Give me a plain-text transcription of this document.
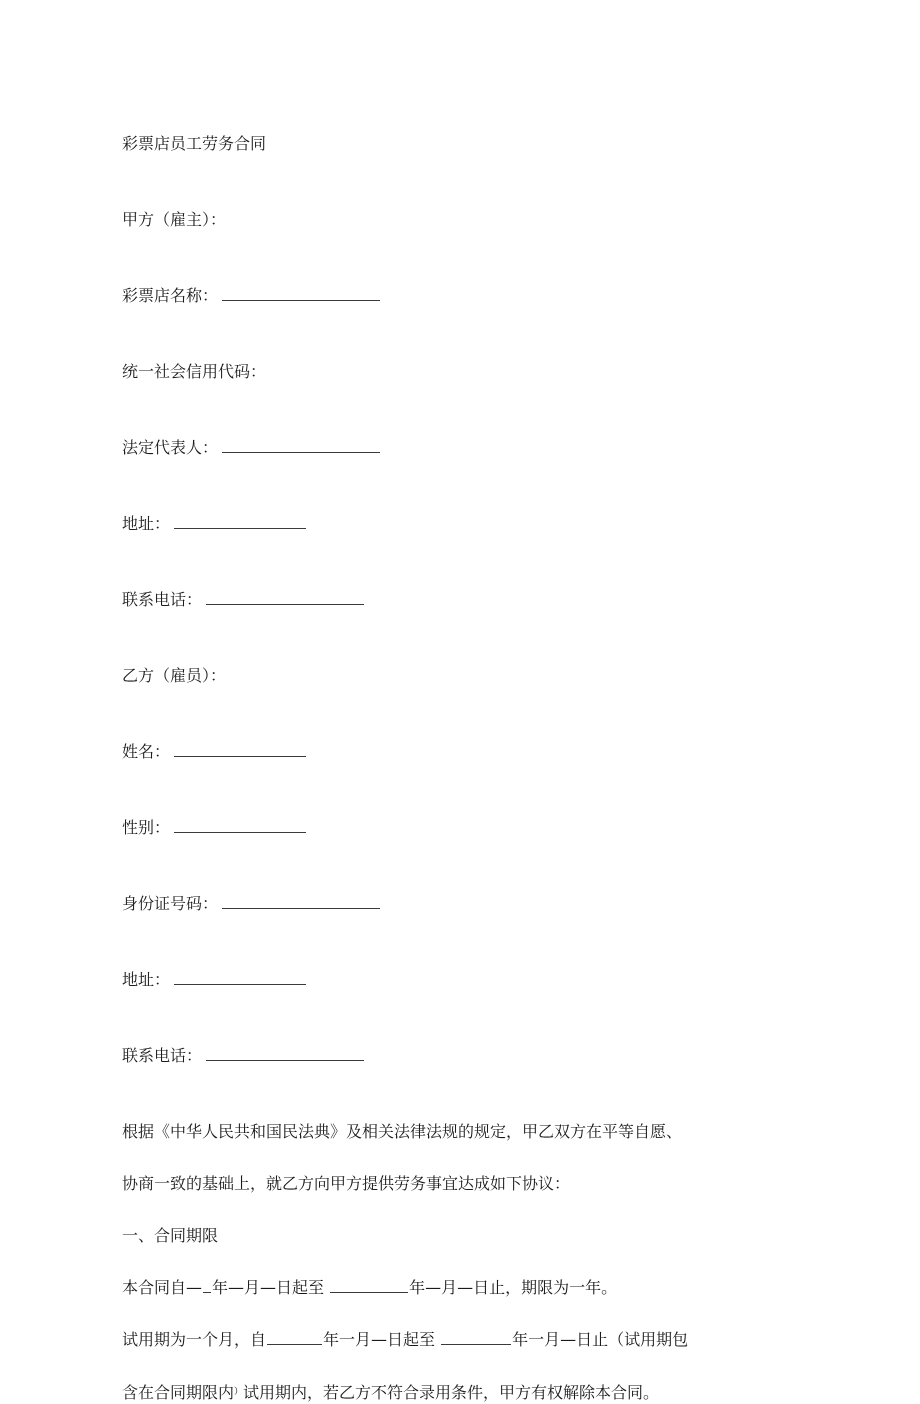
彩票店员工劳务合同
甲方（雇主）：
彩票店名称：
统一社会信用代码：
法定代表人：
地址：
联系电话：
乙方（雇员）：
姓名：
性别：
身份证号码：
地址：
联系电话：
根据《中华人民共和国民法典》及相关法律法规的规定，甲乙双方在平等自愿、
协商一致的基础上，就乙方向甲方提供劳务事宜达成如下协议：
一、合同期限
本合同自— 年—月—日起至	年—月—日止，期限为一年。
试用期为一个月，自	年一月—日起至	年一月—日止（试用期包
含在合同期限内）试用期内，若乙方不符合录用条件，甲方有权解除本合同。
